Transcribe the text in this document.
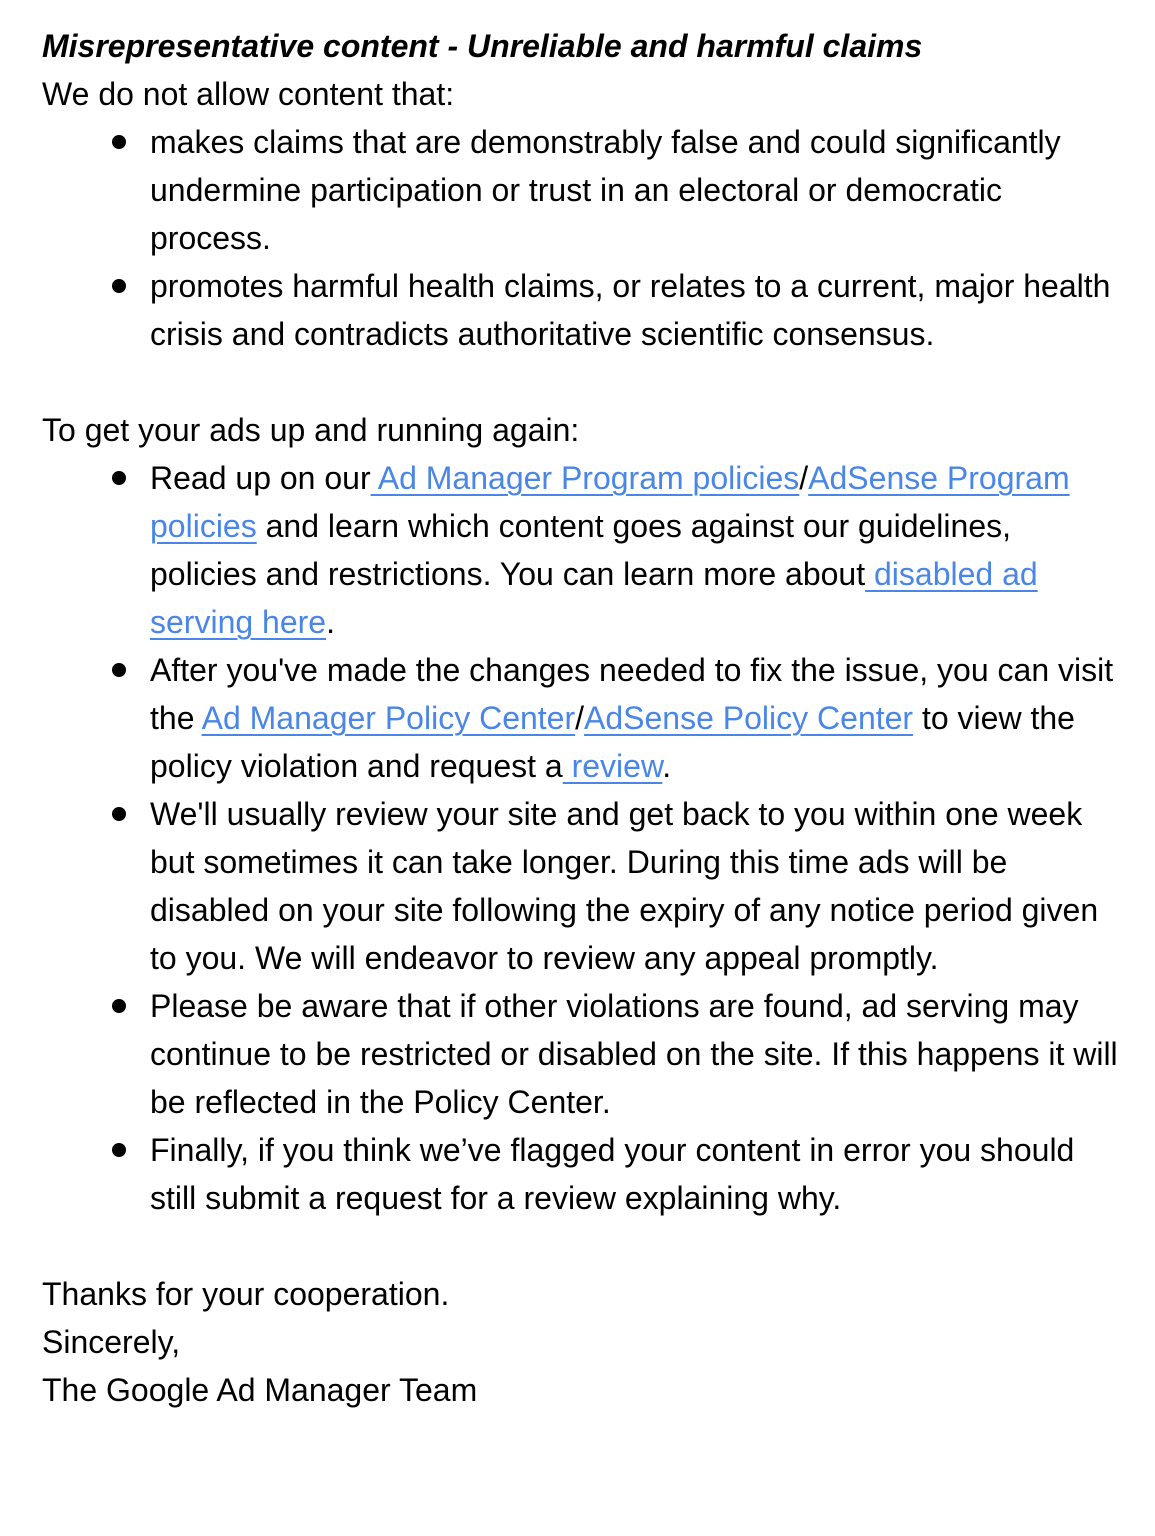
Misrepresentative content - Unreliable and harmful claims
We do not allow content that:
makes claims that are demonstrably false and could significantly undermine participation or trust in an electoral or democratic process.
promotes harmful health claims, or relates to a current, major health crisis and contradicts authoritative scientific consensus.
To get your ads up and running again:
Read up on our Ad Manager Program policies/AdSense Program policies and learn which content goes against our guidelines, policies and restrictions. You can learn more about disabled ad serving here.
After you've made the changes needed to fix the issue, you can visit the Ad Manager Policy Center/AdSense Policy Center to view the policy violation and request a review.
We'll usually review your site and get back to you within one week but sometimes it can take longer. During this time ads will be disabled on your site following the expiry of any notice period given to you. We will endeavor to review any appeal promptly.
Please be aware that if other violations are found, ad serving may continue to be restricted or disabled on the site. If this happens it will be reflected in the Policy Center.
Finally, if you think we’ve flagged your content in error you should still submit a request for a review explaining why.
Thanks for your cooperation.
Sincerely,
The Google Ad Manager Team
